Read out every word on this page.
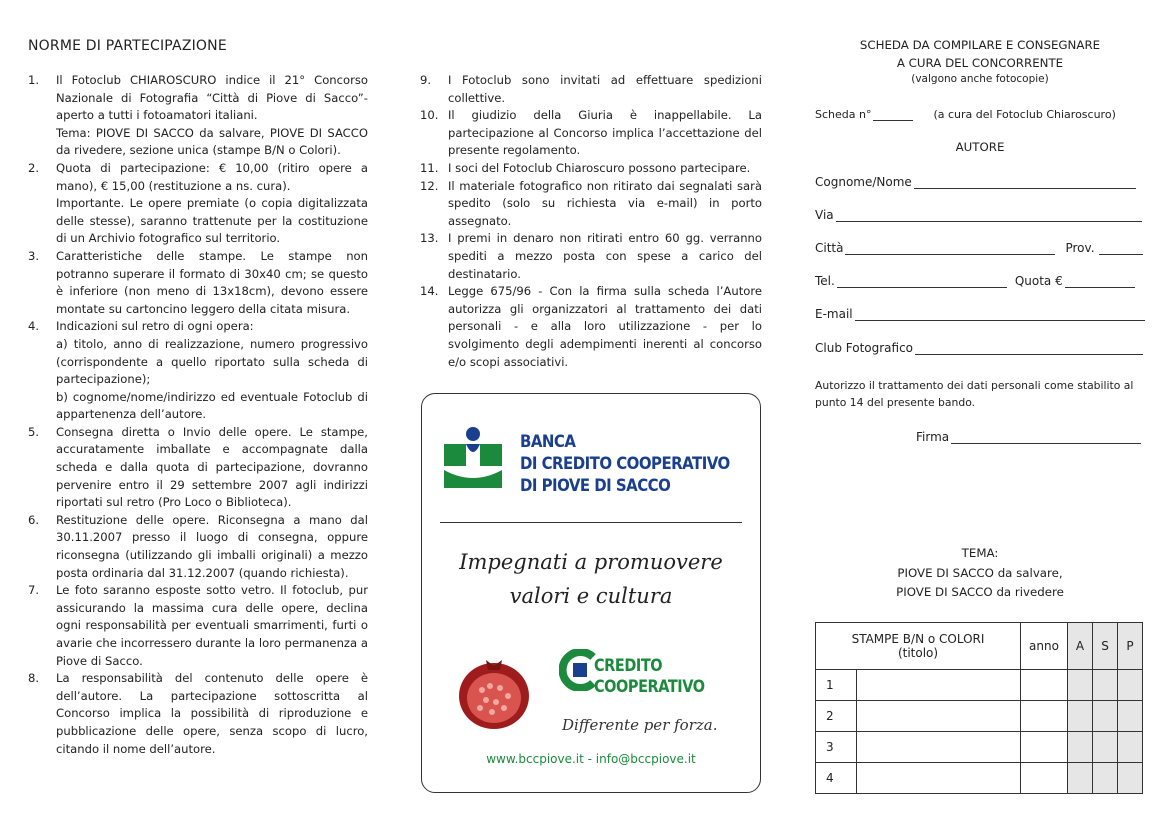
NORME DI PARTECIPAZIONE
1.	Il Fotoclub CHIAROSCURO indice il 21° Concorso Nazionale di Fotografia “Città di Piove di Sacco”- aperto a tutti i fotoamatori italiani.
Tema: PIOVE DI SACCO da salvare, PIOVE DI SACCO da rivedere, sezione unica (stampe B/N o Colori).
2.	Quota di partecipazione: € 10,00 (ritiro opere a mano), € 15,00 (restituzione a ns. cura).
Importante. Le opere premiate (o copia digitalizzata delle stesse), saranno trattenute per la costituzione di un Archivio fotografico sul territorio.
3.	Caratteristiche delle stampe. Le stampe non potranno superare il formato di 30x40 cm; se questo è inferiore (non meno di 13x18cm), devono essere montate su cartoncino leggero della citata misura.
4.	Indicazioni sul retro di ogni opera:
a) titolo, anno di realizzazione, numero progressivo (corrispondente a quello riportato sulla scheda di partecipazione);
b) cognome/nome/indirizzo ed eventuale Fotoclub di appartenenza dell’autore.
5.	Consegna diretta o Invio delle opere. Le stampe, accuratamente imballate e accompagnate dalla scheda e dalla quota di partecipazione, dovranno pervenire entro il 29 settembre 2007 agli indirizzi riportati sul retro (Pro Loco o Biblioteca).
6.	Restituzione delle opere. Riconsegna a mano dal 30.11.2007 presso il luogo di consegna, oppure riconsegna (utilizzando gli imballi originali) a mezzo posta ordinaria dal 31.12.2007 (quando richiesta).
7.	Le foto saranno esposte sotto vetro. Il fotoclub, pur assicurando la massima cura delle opere, declina ogni responsabilità per eventuali smarrimenti, furti o avarie che incorressero durante la loro permanenza a Piove di Sacco.
8.	La responsabilità del contenuto delle opere è dell’autore. La partecipazione sottoscritta al Concorso implica la possibilità di riproduzione e pubblicazione delle opere, senza scopo di lucro, citando il nome dell’autore.
9.	I Fotoclub sono invitati ad effettuare spedizioni collettive.
10. Il giudizio della Giuria è inappellabile. La partecipazione al Concorso implica l’accettazione del presente regolamento.
11. I soci del Fotoclub Chiaroscuro possono partecipare.
12. Il materiale fotografico non ritirato dai segnalati sarà spedito (solo su richiesta via e-mail) in porto assegnato.
13. I premi in denaro non ritirati entro 60 gg. verranno spediti a mezzo posta con spese a carico del destinatario.
14. Legge 675/96 - Con la firma sulla scheda l’Autore autorizza gli organizzatori al trattamento dei dati personali - e alla loro utilizzazione - per lo svolgimento degli adempimenti inerenti al concorso e/o scopi associativi.
BANCA
DI CREDITO COOPERATIVO
DI PIOVE DI SACCO
Impegnati a promuovere
valori e cultura
CREDITO
COOPERATIVO
Differente per forza.
www.bccpiove.it - info@bccpiove.it
SCHEDA DA COMPILARE E CONSEGNARE
A CURA DEL CONCORRENTE
(valgono anche fotocopie)
Scheda n°	(a cura del Fotoclub Chiaroscuro)
AUTORE
Cognome/Nome
Via
Città	Prov.
Tel.	Quota €
E-mail
Club Fotografico
Autorizzo il trattamento dei dati personali come stabilito al punto 14 del presente bando.
Firma
TEMA:
PIOVE DI SACCO da salvare,
PIOVE DI SACCO da rivedere
STAMPE B/N o COLORI
(titolo)		anno	A	S	P
1					
2					
3					
4					
